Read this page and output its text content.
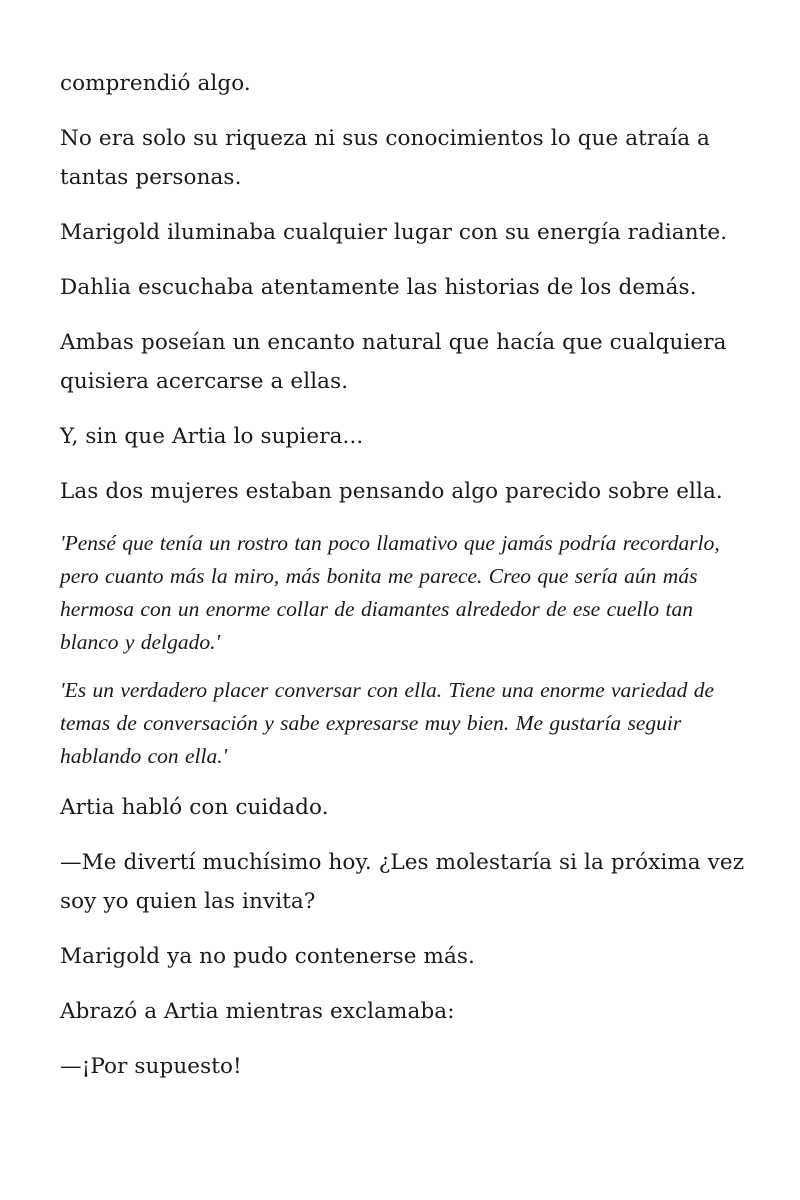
comprendió algo.

No era solo su riqueza ni sus conocimientos lo que atraía a tantas personas.

Marigold iluminaba cualquier lugar con su energía radiante.

Dahlia escuchaba atentamente las historias de los demás.

Ambas poseían un encanto natural que hacía que cualquiera quisiera acercarse a ellas.

Y, sin que Artia lo supiera...

Las dos mujeres estaban pensando algo parecido sobre ella.

'Pensé que tenía un rostro tan poco llamativo que jamás podría recordarlo, pero cuanto más la miro, más bonita me parece. Creo que sería aún más hermosa con un enorme collar de diamantes alrededor de ese cuello tan blanco y delgado.'

'Es un verdadero placer conversar con ella. Tiene una enorme variedad de temas de conversación y sabe expresarse muy bien. Me gustaría seguir hablando con ella.'

Artia habló con cuidado.

—Me divertí muchísimo hoy. ¿Les molestaría si la próxima vez soy yo quien las invita?

Marigold ya no pudo contenerse más.

Abrazó a Artia mientras exclamaba:

—¡Por supuesto!
